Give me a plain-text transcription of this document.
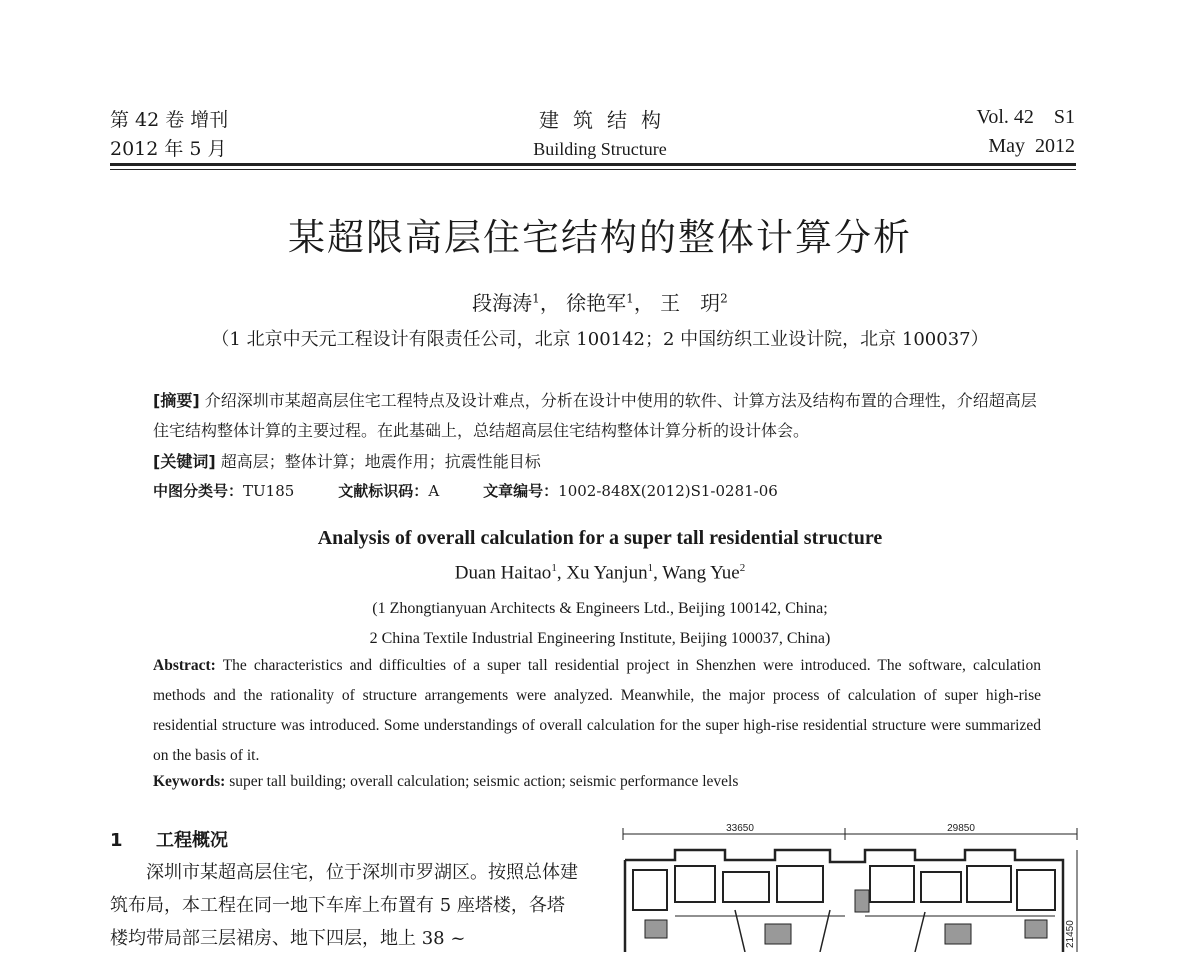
第 42 卷 增刊
2012 年 5 月
建筑结构
Building Structure
Vol. 42    S1
May  2012
某超限高层住宅结构的整体计算分析
段海涛$^1$， 徐艳军$^1$， 王　玥$^2$
（1 北京中天元工程设计有限责任公司，北京 100142；2 中国纺织工业设计院，北京 100037）
[摘要] 介绍深圳市某超高层住宅工程特点及设计难点，分析在设计中使用的软件、计算方法及结构布置的合理性，介绍超高层住宅结构整体计算的主要过程。在此基础上，总结超高层住宅结构整体计算分析的设计体会。
[关键词] 超高层；整体计算；地震作用；抗震性能目标
中图分类号：TU185	文献标识码：A	文章编号：1002-848X(2012)S1-0281-06
Analysis of overall calculation for a super tall residential structure
Duan Haitao$^1$, Xu Yanjun$^1$, Wang Yue$^2$
(1 Zhongtianyuan Architects & Engineers Ltd., Beijing 100142, China;
2 China Textile Industrial Engineering Institute, Beijing 100037, China)
Abstract: The characteristics and difficulties of a super tall residential project in Shenzhen were introduced. The software, calculation methods and the rationality of structure arrangements were analyzed. Meanwhile, the major process of calculation of super high-rise residential structure was introduced. Some understandings of overall calculation for the super high-rise residential structure were summarized on the basis of it.
Keywords: super tall building; overall calculation; seismic action; seismic performance levels
1 工程概况
深圳市某超高层住宅，位于深圳市罗湖区。按照总体建筑布局，本工程在同一地下车库上布置有 5 座塔楼，各塔楼均带局部三层裙房、地下四层，地上 38 ~
33650	29850
21450
